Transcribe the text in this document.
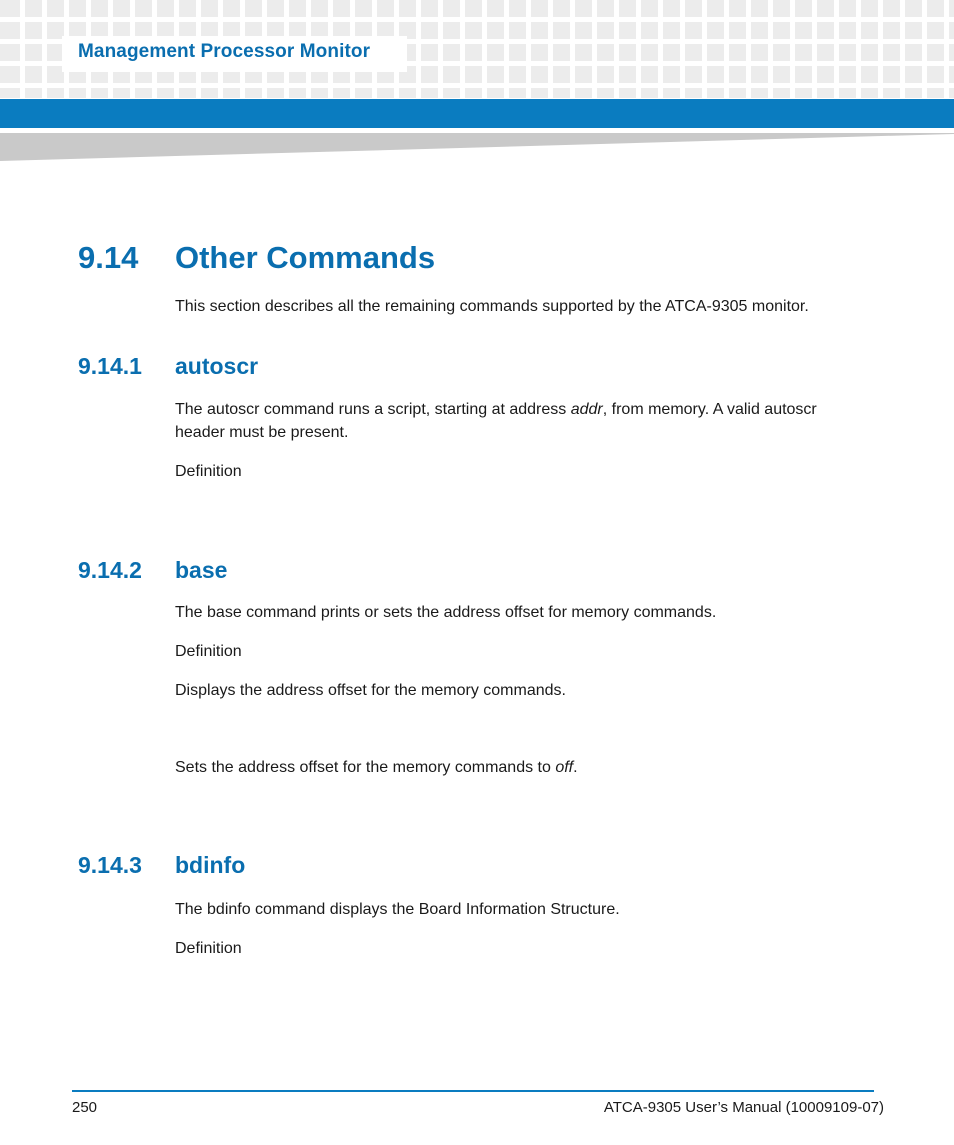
Management Processor Monitor
9.14	Other Commands
This section describes all the remaining commands supported by the ATCA-9305 monitor.
9.14.1	autoscr
The autoscr command runs a script, starting at address addr, from memory. A valid autoscr header must be present.
Definition
9.14.2	base
The base command prints or sets the address offset for memory commands.
Definition
Displays the address offset for the memory commands.
Sets the address offset for the memory commands to off.
9.14.3	bdinfo
The bdinfo command displays the Board Information Structure.
Definition
250	ATCA-9305 User’s Manual (10009109-07)
